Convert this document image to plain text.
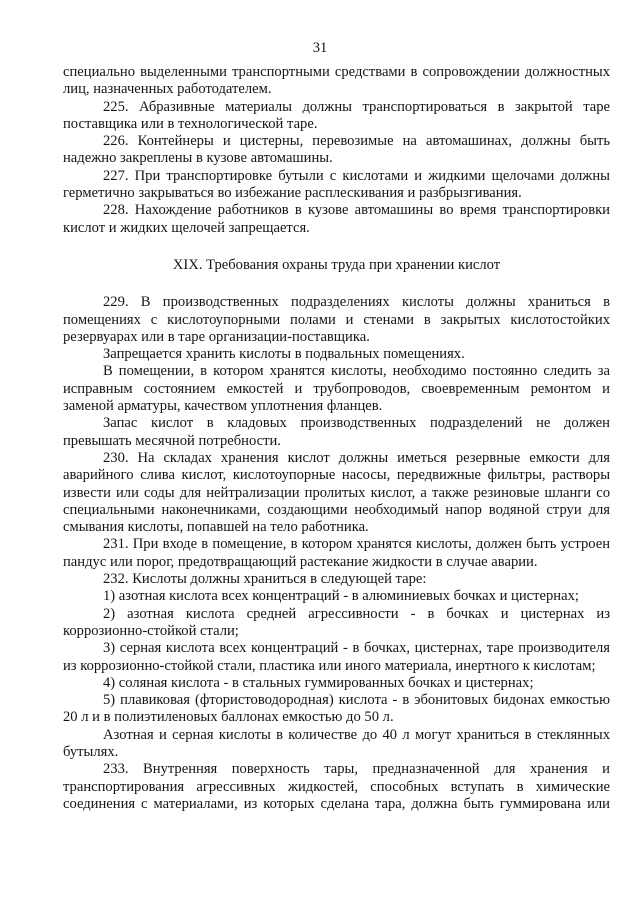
31

специально выделенными транспортными средствами в сопровождении должностных лиц, назначенных работодателем.

225. Абразивные материалы должны транспортироваться в закрытой таре поставщика или в технологической таре.

226. Контейнеры и цистерны, перевозимые на автомашинах, должны быть надежно закреплены в кузове автомашины.

227. При транспортировке бутыли с кислотами и жидкими щелочами должны герметично закрываться во избежание расплескивания и разбрызгивания.

228. Нахождение работников в кузове автомашины во время транспортировки кислот и жидких щелочей запрещается.

XIX. Требования охраны труда при хранении кислот

229. В производственных подразделениях кислоты должны храниться в помещениях с кислотоупорными полами и стенами в закрытых кислотостойких резервуарах или в таре организации-поставщика.

Запрещается хранить кислоты в подвальных помещениях.

В помещении, в котором хранятся кислоты, необходимо постоянно следить за исправным состоянием емкостей и трубопроводов, своевременным ремонтом и заменой арматуры, качеством уплотнения фланцев.

Запас кислот в кладовых производственных подразделений не должен превышать месячной потребности.

230. На складах хранения кислот должны иметься резервные емкости для аварийного слива кислот, кислотоупорные насосы, передвижные фильтры, растворы извести или соды для нейтрализации пролитых кислот, а также резиновые шланги со специальными наконечниками, создающими необходимый напор водяной струи для смывания кислоты, попавшей на тело работника.

231. При входе в помещение, в котором хранятся кислоты, должен быть устроен пандус или порог, предотвращающий растекание жидкости в случае аварии.

232. Кислоты должны храниться в следующей таре:

1) азотная кислота всех концентраций - в алюминиевых бочках и цистернах;

2) азотная кислота средней агрессивности - в бочках и цистернах из коррозионно-стойкой стали;

3) серная кислота всех концентраций - в бочках, цистернах, таре производителя из коррозионно-стойкой стали, пластика или иного материала, инертного к кислотам;

4) соляная кислота - в стальных гуммированных бочках и цистернах;

5) плавиковая (фтористоводородная) кислота - в эбонитовых бидонах емкостью 20 л и в полиэтиленовых баллонах емкостью до 50 л.

Азотная и серная кислоты в количестве до 40 л могут храниться в стеклянных бутылях.

233. Внутренняя поверхность тары, предназначенной для хранения и транспортирования агрессивных жидкостей, способных вступать в химические соединения с материалами, из которых сделана тара, должна быть гуммирована или
